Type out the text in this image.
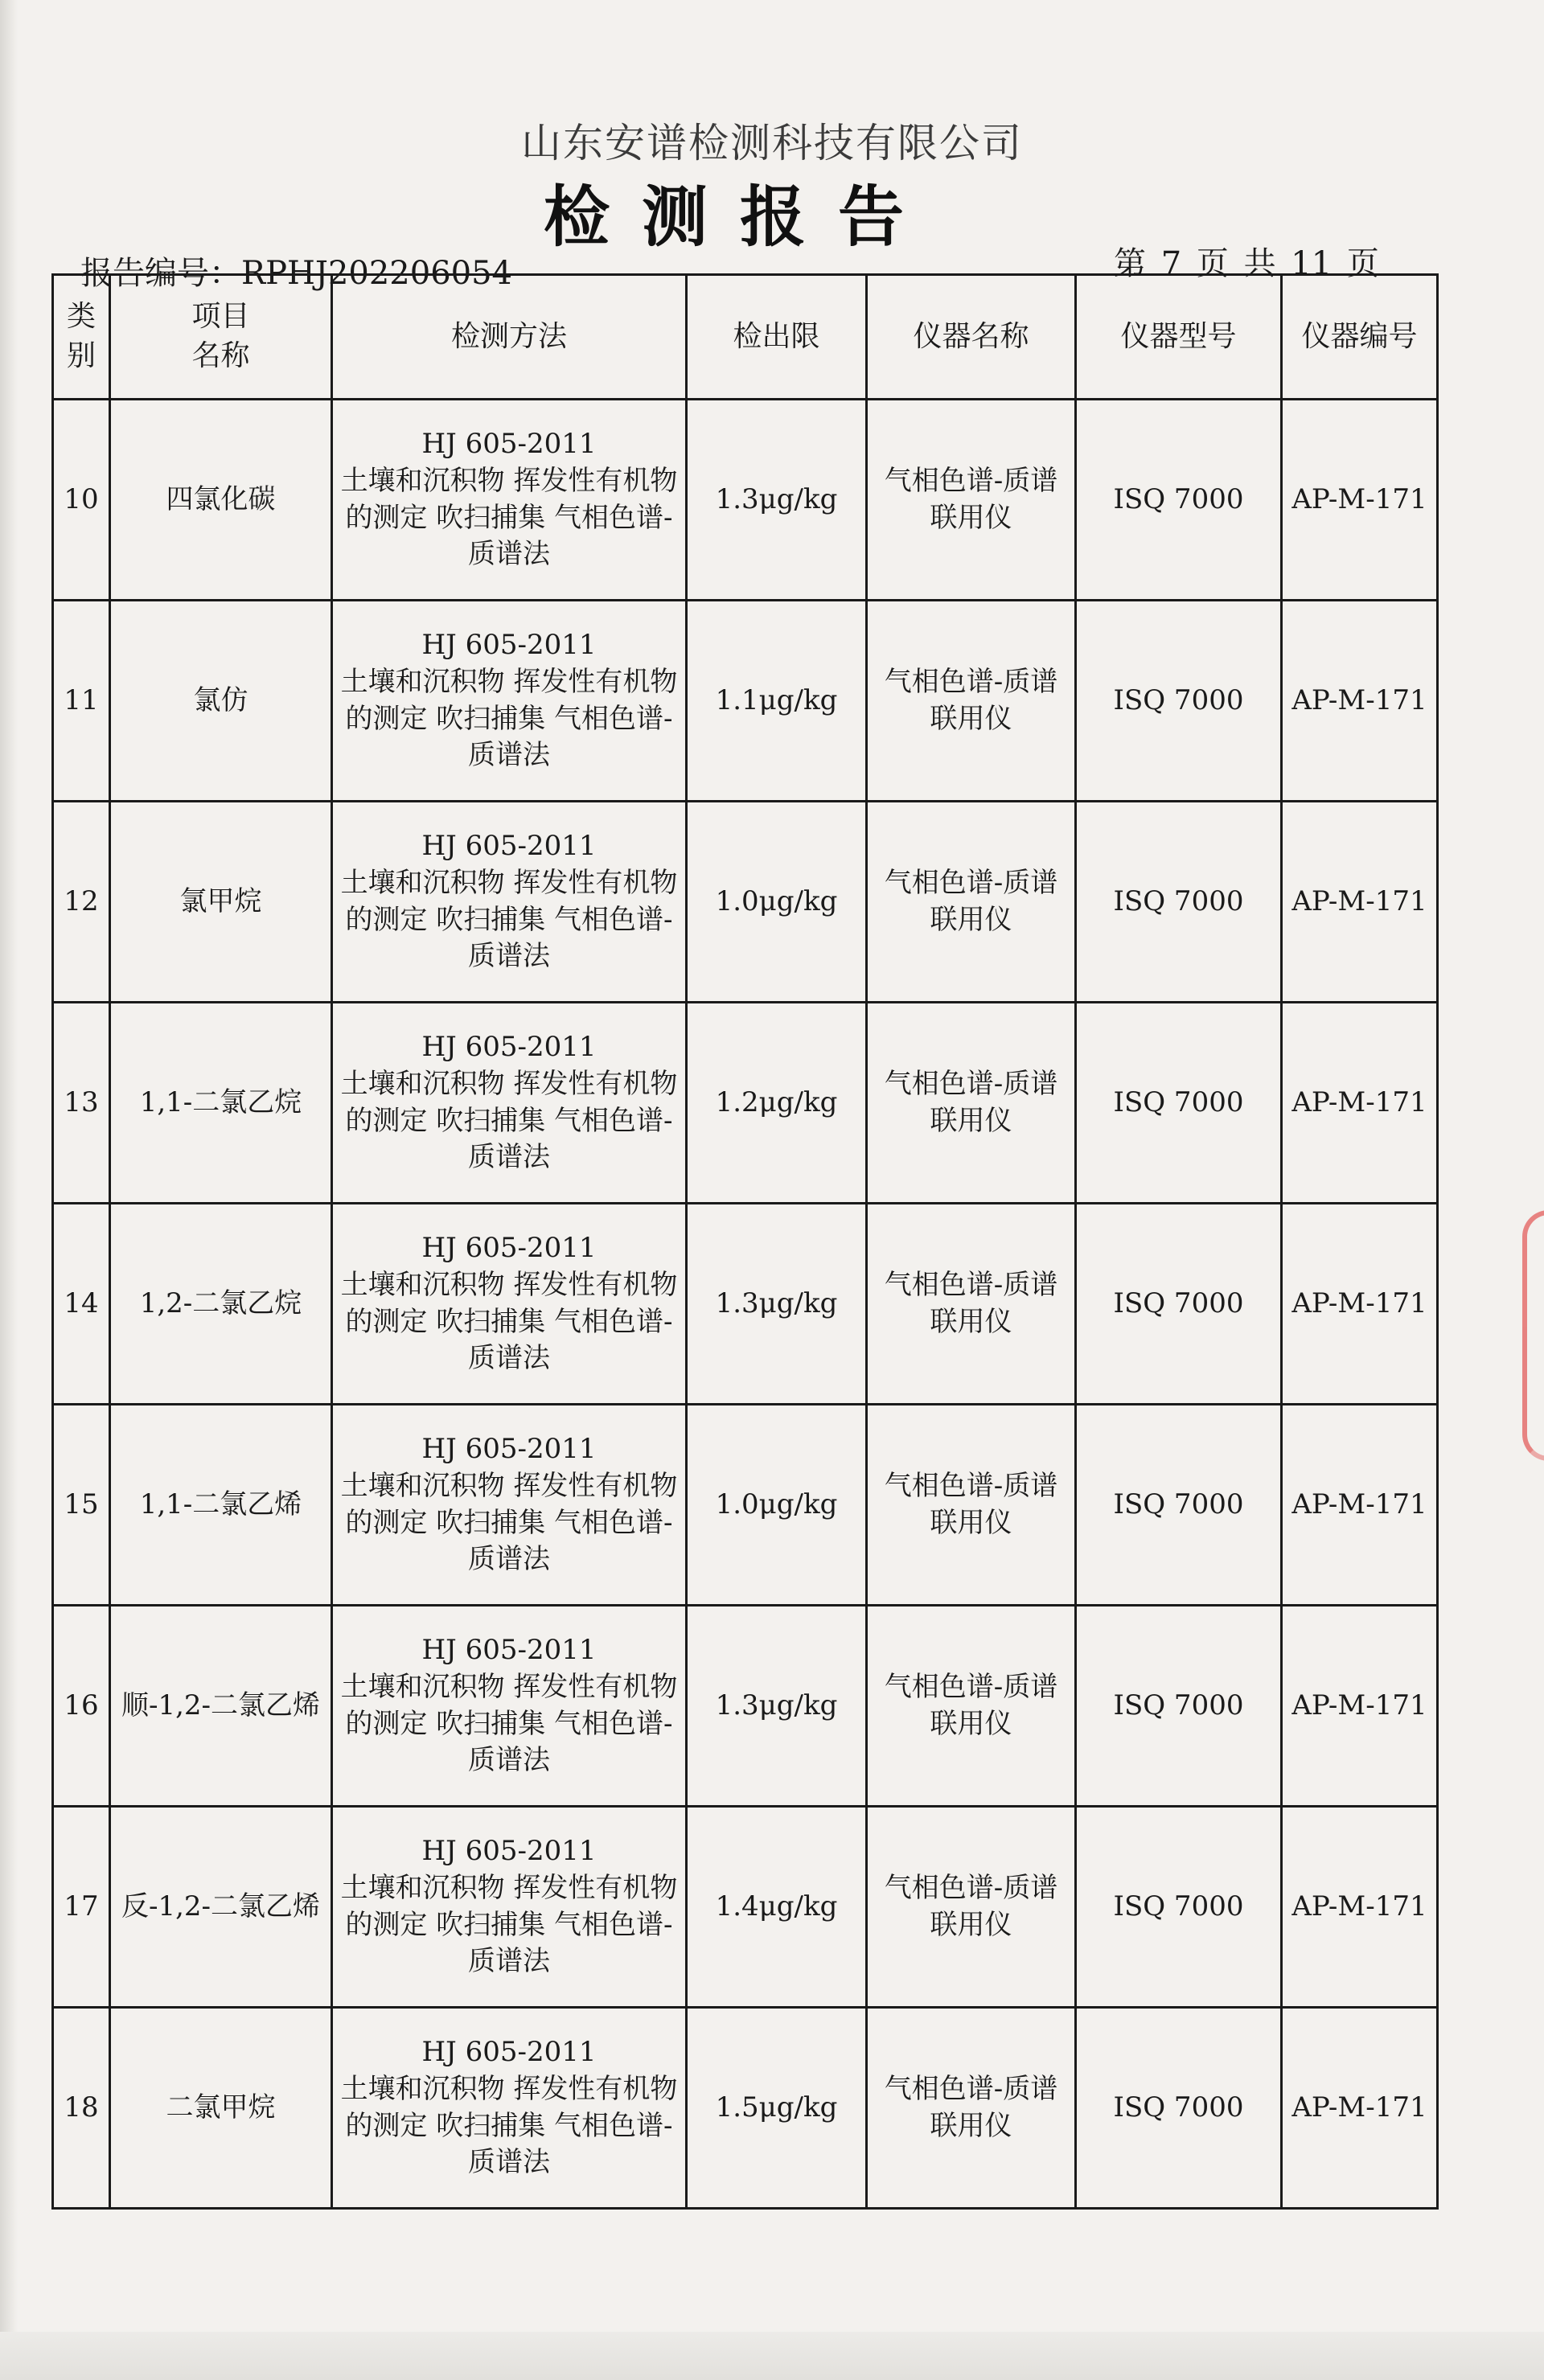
山东安谱检测科技有限公司
检测报告
报告编号：RPHJ202206054	第 7 页 共 11 页
类
别	项目
名称	检测方法	检出限	仪器名称	仪器型号	仪器编号
10	四氯化碳	HJ 605-2011
土壤和沉积物 挥发性有机物的测定 吹扫捕集 气相色谱-质谱法	1.3μg/kg	气相色谱-质谱联用仪	ISQ 7000	AP-M-171
11	氯仿	HJ 605-2011
土壤和沉积物 挥发性有机物的测定 吹扫捕集 气相色谱-质谱法	1.1μg/kg	气相色谱-质谱联用仪	ISQ 7000	AP-M-171
12	氯甲烷	HJ 605-2011
土壤和沉积物 挥发性有机物的测定 吹扫捕集 气相色谱-质谱法	1.0μg/kg	气相色谱-质谱联用仪	ISQ 7000	AP-M-171
13	1,1-二氯乙烷	HJ 605-2011
土壤和沉积物 挥发性有机物的测定 吹扫捕集 气相色谱-质谱法	1.2μg/kg	气相色谱-质谱联用仪	ISQ 7000	AP-M-171
14	1,2-二氯乙烷	HJ 605-2011
土壤和沉积物 挥发性有机物的测定 吹扫捕集 气相色谱-质谱法	1.3μg/kg	气相色谱-质谱联用仪	ISQ 7000	AP-M-171
15	1,1-二氯乙烯	HJ 605-2011
土壤和沉积物 挥发性有机物的测定 吹扫捕集 气相色谱-质谱法	1.0μg/kg	气相色谱-质谱联用仪	ISQ 7000	AP-M-171
16	顺-1,2-二氯乙烯	HJ 605-2011
土壤和沉积物 挥发性有机物的测定 吹扫捕集 气相色谱-质谱法	1.3μg/kg	气相色谱-质谱联用仪	ISQ 7000	AP-M-171
17	反-1,2-二氯乙烯	HJ 605-2011
土壤和沉积物 挥发性有机物的测定 吹扫捕集 气相色谱-质谱法	1.4μg/kg	气相色谱-质谱联用仪	ISQ 7000	AP-M-171
18	二氯甲烷	HJ 605-2011
土壤和沉积物 挥发性有机物的测定 吹扫捕集 气相色谱-质谱法	1.5μg/kg	气相色谱-质谱联用仪	ISQ 7000	AP-M-171
